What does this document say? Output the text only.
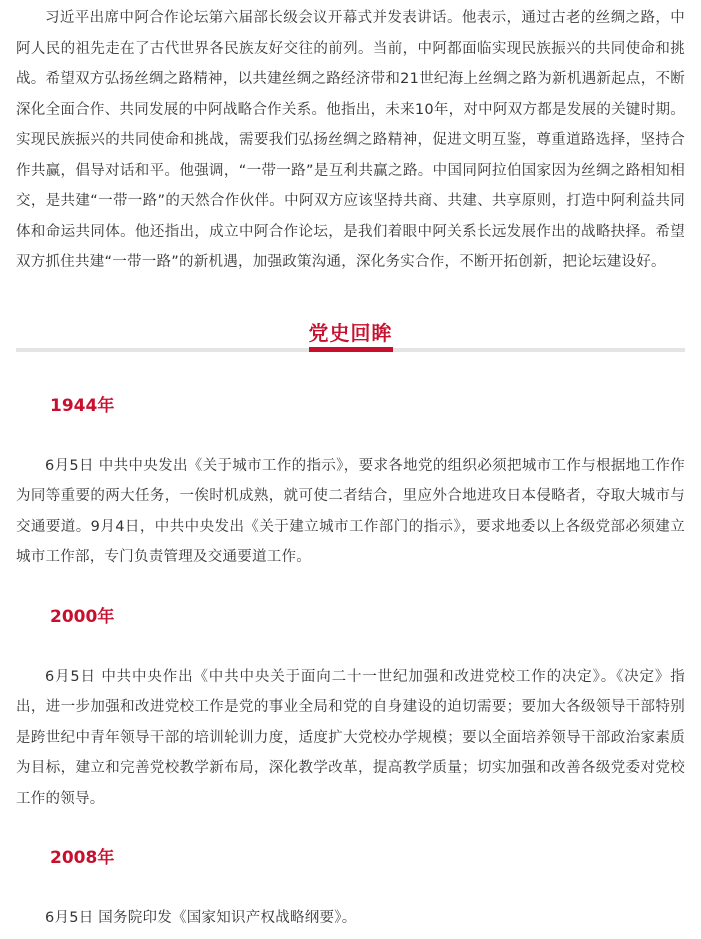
习近平出席中阿合作论坛第六届部长级会议开幕式并发表讲话。他表示，通过古老的丝绸之路，中阿人民的祖先走在了古代世界各民族友好交往的前列。当前，中阿都面临实现民族振兴的共同使命和挑战。希望双方弘扬丝绸之路精神，以共建丝绸之路经济带和21世纪海上丝绸之路为新机遇新起点，不断深化全面合作、共同发展的中阿战略合作关系。他指出，未来10年，对中阿双方都是发展的关键时期。实现民族振兴的共同使命和挑战，需要我们弘扬丝绸之路精神，促进文明互鉴，尊重道路选择，坚持合作共赢，倡导对话和平。他强调，“一带一路”是互利共赢之路。中国同阿拉伯国家因为丝绸之路相知相交，是共建“一带一路”的天然合作伙伴。中阿双方应该坚持共商、共建、共享原则，打造中阿利益共同体和命运共同体。他还指出，成立中阿合作论坛，是我们着眼中阿关系长远发展作出的战略抉择。希望双方抓住共建“一带一路”的新机遇，加强政策沟通，深化务实合作，不断开拓创新，把论坛建设好。

党史回眸

1944年

6月5日 中共中央发出《关于城市工作的指示》，要求各地党的组织必须把城市工作与根据地工作作为同等重要的两大任务，一俟时机成熟，就可使二者结合，里应外合地进攻日本侵略者，夺取大城市与交通要道。9月4日，中共中央发出《关于建立城市工作部门的指示》，要求地委以上各级党部必须建立城市工作部，专门负责管理及交通要道工作。

2000年

6月5日 中共中央作出《中共中央关于面向二十一世纪加强和改进党校工作的决定》。《决定》指出，进一步加强和改进党校工作是党的事业全局和党的自身建设的迫切需要；要加大各级领导干部特别是跨世纪中青年领导干部的培训轮训力度，适度扩大党校办学规模；要以全面培养领导干部政治家素质为目标，建立和完善党校教学新布局，深化教学改革，提高教学质量；切实加强和改善各级党委对党校工作的领导。

2008年

6月5日 国务院印发《国家知识产权战略纲要》。
